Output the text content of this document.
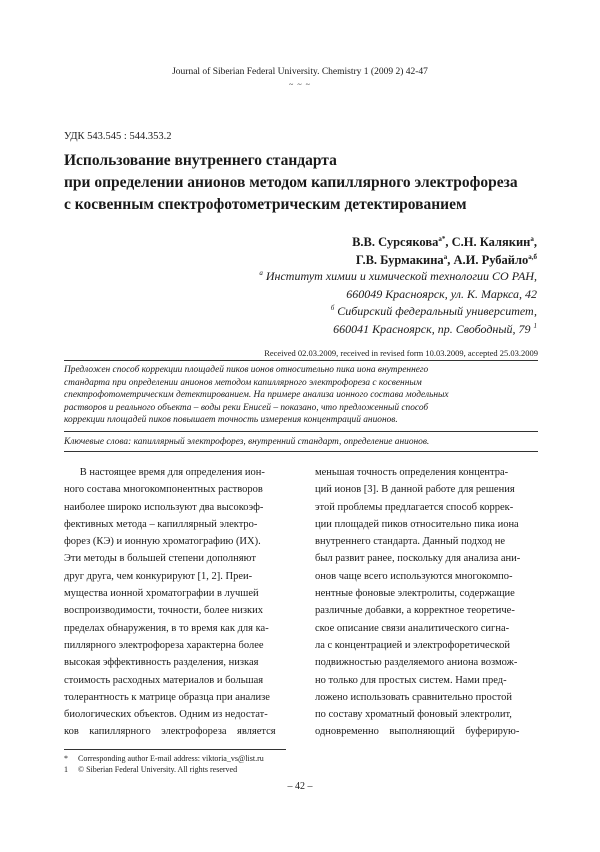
Journal of Siberian Federal University. Chemistry 1 (2009 2) 42-47
~ ~ ~
УДК 543.545 : 544.353.2
Использование внутреннего стандарта
при определении анионов методом капиллярного электрофореза
с косвенным спектрофотометрическим детектированием
В.В. Сурсякова$^{а*}$, С.Н. Калякин$^а$,
Г.В. Бурмакина$^а$, А.И. Рубайло$^{а,б}$
$^а$ Институт химии и химической технологии СО РАН,
660049 Красноярск, ул. К. Маркса, 42
$^б$ Сибирский федеральный университет,
660041 Красноярск, пр. Свободный, 79 $^1$
Received 02.03.2009, received in revised form 10.03.2009, accepted 25.03.2009
Предложен способ коррекции площадей пиков ионов относительно пика иона внутреннего
стандарта при определении анионов методом капиллярного электрофореза с косвенным
спектрофотометрическим детектированием. На примере анализа ионного состава модельных
растворов и реального объекта – воды реки Енисей – показано, что предложенный способ
коррекции площадей пиков повышает точность измерения концентраций анионов.
Ключевые слова: капиллярный электрофорез, внутренний стандарт, определение анионов.
В настоящее время для определения ион-
ного состава многокомпонентных растворов
наиболее широко используют два высокоэф-
фективных метода – капиллярный электро-
форез (КЭ) и ионную хроматографию (ИХ).
Эти методы в большей степени дополняют
друг друга, чем конкурируют [1, 2]. Преи-
мущества ионной хроматографии в лучшей
воспроизводимости, точности, более низких
пределах обнаружения, в то время как для ка-
пиллярного электрофореза характерна более
высокая эффективность разделения, низкая
стоимость расходных материалов и большая
толерантность к матрице образца при анализе
биологических объектов. Одним из недостат-
ков    капиллярного    электрофореза    является
меньшая точность определения концентра-
ций ионов [3]. В данной работе для решения
этой проблемы предлагается способ коррек-
ции площадей пиков относительно пика иона
внутреннего стандарта. Данный подход не
был развит ранее, поскольку для анализа ани-
онов чаще всего используются многокомпо-
нентные фоновые электролиты, содержащие
различные добавки, а корректное теоретиче-
ское описание связи аналитического сигна-
ла с концентрацией и электрофоретической
подвижностью разделяемого аниона возмож-
но только для простых систем. Нами пред-
ложено использовать сравнительно простой
по составу хроматный фоновый электролит,
одновременно    выполняющий    буферирую-
* Corresponding author E-mail address: viktoria_vs@list.ru
1 © Siberian Federal University. All rights reserved
– 42 –
